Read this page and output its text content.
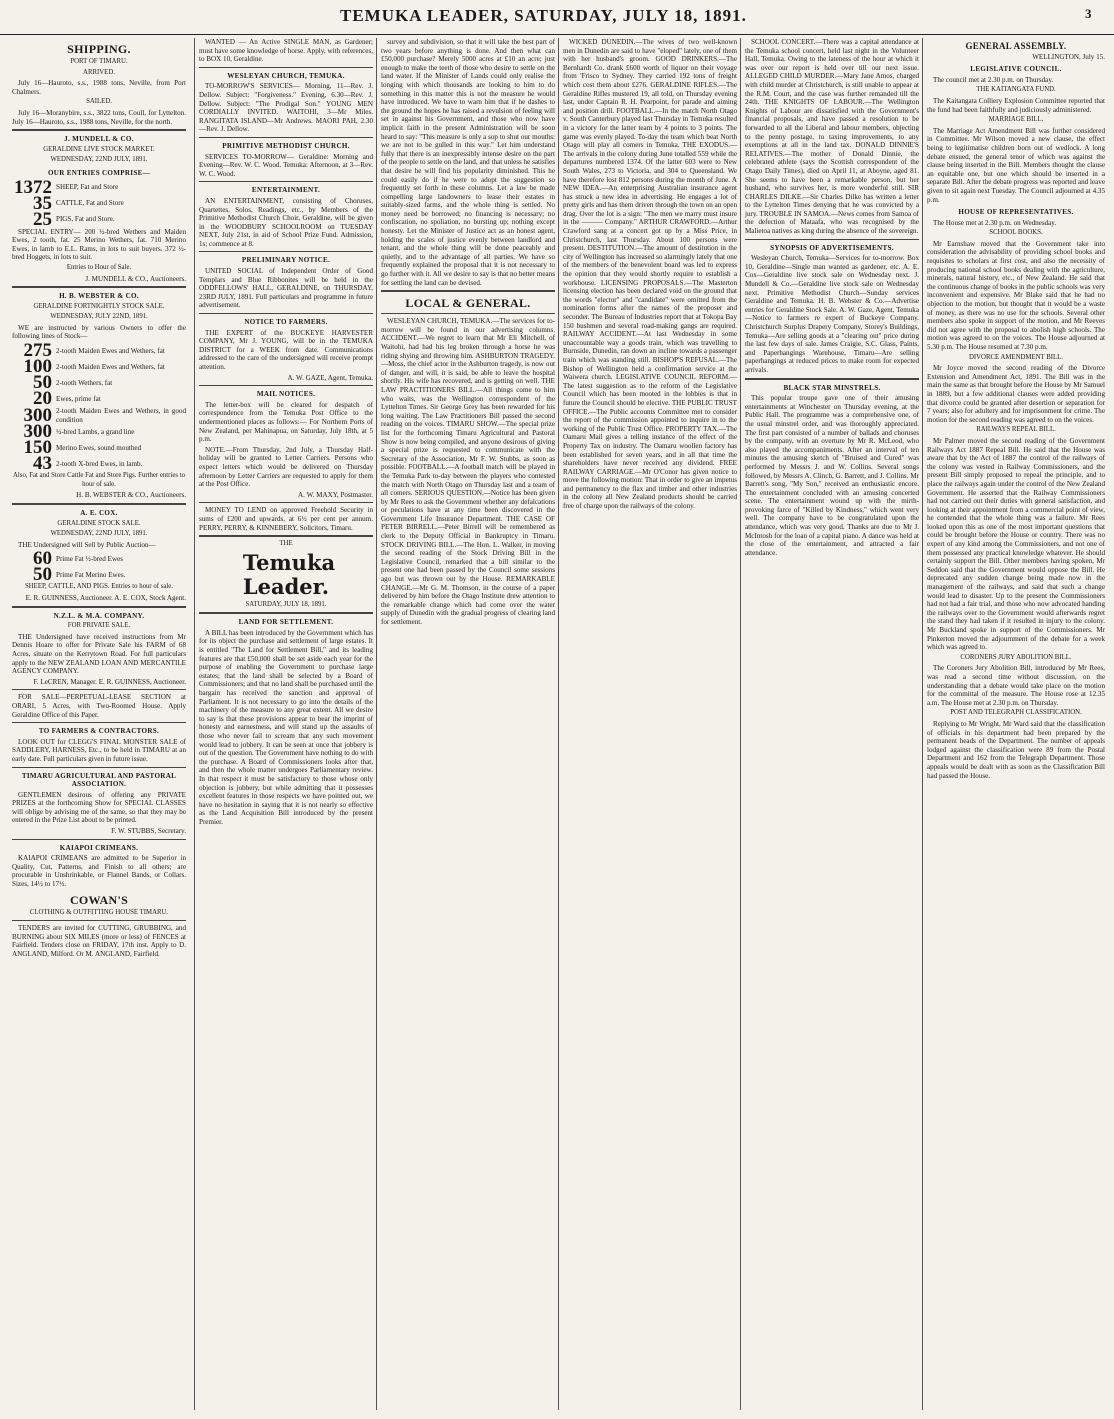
TEMUKA LEADER, SATURDAY, JULY 18, 1891.	3

SHIPPING.

PORT OF TIMARU.

ARRIVED.

July 16—Hauroto, s.s., 1988 tons, Neville, from Port Chalmers.

SAILED.

July 16—Moranybire, s.s., 3822 tons, Coull, for Lyttelton. July 16—Hauroto, s.s., 1988 tons, Neville, for the north.

J. MUNDELL & CO.

GERALDINE LIVE STOCK MARKET.

WEDNESDAY, 22ND JULY, 1891.

OUR ENTRIES COMPRISE—

1372 SHEEP, Fat and Store
35 CATTLE, Fat and Store
25 PIGS, Fat and Store.

SPECIAL ENTRY— 200 ½-bred Wethers and Maiden Ewes, 2 tooth, fat. 25 Merino Wethers, fat. 710 Merino Ewes, in lamb to E.L. Rams, in lots to suit buyers. 372 ½-bred Hoggets, in lots to suit.

Entries to Hour of Sale.

J. MUNDELL & CO., Auctioneers.

H. B. WEBSTER & CO.

GERALDINE FORTNIGHTLY STOCK SALE.

WEDNESDAY, JULY 22ND, 1891.

WE are instructed by various Owners to offer the following lines of Stock—

275 2-tooth Maiden Ewes and Wethers, fat
100 2-tooth Maiden Ewes and Wethers, fat
50 2-tooth Wethers, fat
20 Ewes, prime fat
300 2-tooth Maiden Ewes and Wethers, in good condition
300 ½-bred Lambs, a grand line
150 Merino Ewes, sound mouthed
43 2-tooth X-bred Ewes, in lamb.

Also, Fat and Store Cattle Fat and Store Pigs. Further entries to hour of sale.

H. B. WEBSTER & CO., Auctioneers.

A. E. COX.

GERALDINE STOCK SALE.

WEDNESDAY, 22ND JULY, 1891.

THE Undersigned will Sell by Public Auction—

60 Prime Fat ½-bred Ewes
50 Prime Fat Merino Ewes.

SHEEP, CATTLE, AND PIGS. Entries to hour of sale.

E. R. GUINNESS, Auctioneer. A. E. COX, Stock Agent.

N.Z.L. & M.A. COMPANY.

FOR PRIVATE SALE.

THE Undersigned have received instructions from Mr Dennis Hoare to offer for Private Sale his FARM of 68 Acres, situate on the Kerrytown Road. For full particulars apply to the NEW ZEALAND LOAN AND MERCANTILE AGENCY COMPANY.

F. LeCREN, Manager. E. R. GUINNESS, Auctioneer.

FOR SALE—PERPETUAL-LEASE SECTION at ORARI, 5 Acres, with Two-Roomed House. Apply Geraldine Office of this Paper.

TO FARMERS & CONTRACTORS.

LOOK OUT for CLEGG'S FINAL MONSTER SALE of SADDLERY, HARNESS, Etc., to be held in TIMARU at an early date. Full particulars given in future issue.

TIMARU AGRICULTURAL AND PASTORAL ASSOCIATION.

GENTLEMEN desirous of offering any PRIVATE PRIZES at the forthcoming Show for SPECIAL CLASSES will oblige by advising me of the same, so that they may be entered in the Prize List about to be printed.

F. W. STUBBS, Secretary.

KAIAPOI CRIMEANS.

KAIAPOI CRIMEANS are admitted to be Superior in Quality, Cut, Patterns, and Finish to all others; are procurable in Unshrinkable, or Flannel Bands, or Collars. Sizes, 14½ to 17½.

COWAN'S

CLOTHING & OUTFITTING HOUSE TIMARU.

TENDERS are invited for CUTTING, GRUBBING, and BURNING about SIX MILES (more or less) of FENCES at Fairfield. Tenders close on FRIDAY, 17th inst. Apply to D. ANGLAND, Milford. Or M. ANGLAND, Fairfield.

WANTED — An Active SINGLE MAN, as Gardener; must have some knowledge of horse. Apply, with references, to BOX 10, Geraldine.

WESLEYAN CHURCH, TEMUKA.

TO-MORROW'S SERVICES— Morning, 11—Rev. J. Dellow. Subject: "Forgiveness." Evening, 6.30—Rev. J. Dellow. Subject: "The Prodigal Son." YOUNG MEN CORDIALLY INVITED. WAITOHI, 3—Mr Miles. RANGITATA ISLAND—Mr Andrews. MAORI PAH, 2.30—Rev. J. Dellow.

PRIMITIVE METHODIST CHURCH.

SERVICES TO-MORROW— Geraldine: Morning and Evening—Rev. W. C. Wood. Temuka: Afternoon, at 3—Rev. W. C. Wood.

ENTERTAINMENT.

AN ENTERTAINMENT, consisting of Choruses, Quartettes, Solos, Readings, etc., by Members of the Primitive Methodist Church Choir, Geraldine, will be given in the WOODBURY SCHOOLROOM on TUESDAY NEXT, July 21st, in aid of School Prize Fund. Admission, 1s; commence at 8.

PRELIMINARY NOTICE.

UNITED SOCIAL of Independent Order of Good Templars and Blue Ribbonites will be held in the ODDFELLOWS' HALL, GERALDINE, on THURSDAY, 23RD JULY, 1891. Full particulars and programme in future advertisement.

NOTICE TO FARMERS.

THE EXPERT of the BUCKEYE HARVESTER COMPANY, Mr J. YOUNG, will be in the TEMUKA DISTRICT for a WEEK from date. Communications addressed to the care of the undersigned will receive prompt attention.

A. W. GAZE, Agent, Temuka.

MAIL NOTICES.

The letter-box will be cleared for despatch of correspondence from the Temuka Post Office to the undermentioned places as follows:— For Northern Ports of New Zealand, per Mahinapua, on Saturday, July 18th, at 5 p.m.

NOTE.—From Thursday, 2nd July, a Thursday Half-holiday will be granted to Letter Carriers. Persons who expect letters which would be delivered on Thursday afternoon by Letter Carriers are requested to apply for them at the Post Office.

A. W. MAXY, Postmaster.

MONEY TO LEND on approved Freehold Security in sums of £200 and upwards, at 6½ per cent per annum. PERRY, PERRY, & KINNEBERY, Solicitors, Timaru.

THE

Temuka Leader.

SATURDAY, JULY 18, 1891.

LAND FOR SETTLEMENT.

A BILL has been introduced by the Government which has for its object the purchase and settlement of large estates. It is entitled "The Land for Settlement Bill," and its leading features are that £50,000 shall be set aside each year for the purpose of enabling the Government to purchase large estates; that the land shall be selected by a Board of Commissioners; and that no land shall be purchased until the bargain has received the sanction and approval of Parliament. It is not necessary to go into the details of the machinery of the measure to any great extent. All we desire to say is that these provisions appear to bear the imprint of honesty and earnestness, and will stand up the assaults of those who never fail to scream that any such movement would lead to jobbery. It can be seen at once that jobbery is out of the question. The Government have nothing to do with the purchase. A Board of Commissioners looks after that, and then the whole matter undergoes Parliamentary review. In that respect it must be satisfactory to those whose only objection is jobbery, but while admitting that it possesses excellent features in those respects we have pointed out, we have no hesitation in saying that it is not nearly so effective as the Land Acquisition Bill introduced by the present Premier.

survey and subdivision, so that it will take the best part of two years before anything is done. And then what can £50,000 purchase? Merely 5000 acres at £10 an acre; just enough to make the teeth of those who desire to settle on the land water. If the Minister of Lands could only realise the longing with which thousands are looking to him to do something in this matter this is not the measure he would have introduced. We have to warn him that if he dashes to the ground the hopes he has raised a revulsion of feeling will set in against his Government, and those who now have implicit faith in the present Administration will be soon heard to say: "This measure is only a sop to shut our mouths: we are not to be gulled in this way." Let him understand fully that there is an inexpressibly intense desire on the part of the people to settle on the land, and that unless he satisfies that desire he will find his popularity diminished. This he could easily do if he were to adopt the suggestion so frequently set forth in these columns. Let a law be made compelling large landowners to lease their estates in suitably-sized farms, and the whole thing is settled. No money need be borrowed; no financing is necessary; no confiscation, no spoliation, no bursting up; nothing except honesty. Let the Minister of Justice act as an honest agent, holding the scales of justice evenly between landlord and tenant, and the whole thing will be done peaceably and quietly, and to the advantage of all parties. We have so frequently explained the proposal that it is not necessary to go further with it. All we desire to say is that no better means for settling the land can be devised.

LOCAL & GENERAL.

WESLEYAN CHURCH, TEMUKA.—The services for to-morrow will be found in our advertising columns. ACCIDENT.—We regret to learn that Mr Eli Mitchell, of Waitohi, had had his leg broken through a horse he was riding shying and throwing him. ASHBURTON TRAGEDY.—Moss, the chief actor in the Ashburton tragedy, is now out of danger, and will, it is said, be able to leave the hospital shortly. His wife has recovered, and is getting on well. THE LAW PRACTITIONERS BILL.—All things come to him who waits, was the Wellington correspondent of the Lyttelton Times. Sir George Grey has been rewarded for his long waiting. The Law Practitioners Bill passed the second reading on the voices. TIMARU SHOW.—The special prize list for the forthcoming Timaru Agricultural and Pastoral Show is now being compiled, and anyone desirous of giving a special prize is requested to communicate with the Secretary of the Association, Mr F. W. Stubbs, as soon as possible. FOOTBALL.—A football match will be played in the Temuka Park to-day between the players who contested the match with North Otago on Thursday last and a team of all comers. SERIOUS QUESTION.—Notice has been given by Mr Rees to ask the Government whether any defalcations or peculations have at any time been discovered in the Government Life Insurance Department. THE CASE OF PETER BIRRELL.—Peter Birrell will be remembered as clerk to the Deputy Official in Bankruptcy in Timaru. STOCK DRIVING BILL.—The Hon. L. Walker, in moving the second reading of the Stock Driving Bill in the Legislative Council, remarked that a bill similar to the present one had been passed by the Council some sessions ago but was thrown out by the House. REMARKABLE CHANGE.—Mr G. M. Thomson, in the course of a paper delivered by him before the Otago Institute drew attention to the remarkable change which had come over the water supply of Dunedin with the gradual progress of clearing land for settlement.

WICKED DUNEDIN.—The wives of two well-known men in Dunedin are said to have "eloped" lately, one of them with her husband's groom. GOOD DRINKERS.—The Bernhardt Co. drank £600 worth of liquor on their voyage from 'Frisco to Sydney. They carried 192 tons of freight which cost them about £276. GERALDINE RIFLES.—The Geraldine Rifles mustered 19, all told, on Thursday evening last, under Captain R. H. Pearpoint, for parade and aiming and position drill. FOOTBALL.—In the match North Otago v. South Canterbury played last Thursday in Temuka resulted in a victory for the latter team by 4 points to 3 points. The game was evenly played. To-day the team which beat North Otago will play all comers in Temuka. THE EXODUS.—The arrivals in the colony during June totalled 559 while the departures numbered 1374. Of the latter 603 were to New South Wales, 273 to Victoria, and 304 to Queensland. We have therefore lost 812 persons during the month of June. A NEW IDEA.—An enterprising Australian insurance agent has struck a new idea in advertising. He engages a lot of pretty girls and has them driven through the town on an open drag. Over the lot is a sign: "The men we marry must insure in the ——— Company." ARTHUR CRAWFORD.—Arthur Crawford sang at a concert got up by a Miss Price, in Christchurch, last Thursday. About 100 persons were present. DESTITUTION.—The amount of destitution in the city of Wellington has increased so alarmingly lately that one of the members of the benevolent board was led to express the opinion that they would shortly require to establish a workhouse. LICENSING PROPOSALS.—The Masterton licensing election has been declared void on the ground that the words "elector" and "candidate" were omitted from the nomination forms after the names of the proposer and seconder. The Bureau of Industries report that at Tokopa Bay 150 bushmen and several road-making gangs are required. RAILWAY ACCIDENT.—At last Wednesday in some unaccountable way a goods train, which was travelling to Burnside, Dunedin, ran down an incline towards a passenger train which was standing still. BISHOP'S REFUSAL.—The Bishop of Wellington held a confirmation service at the Waiwera church. LEGISLATIVE COUNCIL REFORM.—The latest suggestion as to the reform of the Legislative Council which has been mooted in the lobbies is that in future the Council should be elective. THE PUBLIC TRUST OFFICE.—The Public accounts Committee met to consider the report of the commission appointed to inquire in to the working of the Public Trust Office. PROPERTY TAX.—The Oamaru Mail gives a telling instance of the effect of the Property Tax on industry. The Oamaru woollen factory has been established for seven years, and in all that time the shareholders have never received any dividend. FREE RAILWAY CARRIAGE.—Mr O'Conor has given notice to move the following motion: That in order to give an impetus and permanency to the flax and timber and other industries in the colony all New Zealand products should be carried free of charge upon the railways of the colony.

SCHOOL CONCERT.—There was a capital attendance at the Temuka school concert, held last night in the Volunteer Hall, Temuka. Owing to the lateness of the hour at which it was over our report is held over till our next issue. ALLEGED CHILD MURDER.—Mary Jane Amos, charged with child murder at Christchurch, is still unable to appear at the R.M. Court, and the case was further remanded till the 24th. THE KNIGHTS OF LABOUR.—The Wellington Knights of Labour are dissatisfied with the Government's financial proposals, and have passed a resolution to be forwarded to all the Liberal and labour members, objecting to the penny postage, to taxing improvements, to any exemptions at all in the land tax. DONALD DINNIE'S RELATIVES.—The mother of Donald Dinnie, the celebrated athlete (says the Scottish correspondent of the Otago Daily Times), died on April 11, at Aboyne, aged 81. She seems to have been a remarkable person, but her husband, who survives her, is more wonderful still. SIR CHARLES DILKE.—Sir Charles Dilke has written a letter to the Lyttelton Times denying that he was convicted by a jury. TROUBLE IN SAMOA.—News comes from Samoa of the defection of Mataafa, who was recognised by the Malietoa natives as king during the absence of the sovereign.

SYNOPSIS OF ADVERTISEMENTS.

Wesleyan Church, Temuka—Services for to-morrow. Box 10, Geraldine—Single man wanted as gardener, etc. A. E. Cox—Geraldine live stock sale on Wednesday next. J. Mundell & Co.—Geraldine live stock sale on Wednesday next. Primitive Methodist Church—Sunday services Geraldine and Temuka. H. B. Webster & Co.—Advertise entries for Geraldine Stock Sale. A. W. Gaze, Agent, Temuka—Notice to farmers re expert of Buckeye Company. Christchurch Surplus Drapery Company, Storey's Buildings, Temuka—Are selling goods at a "clearing out" price during the last few days of sale. James Craigie, S.C. Glass, Paints, and Paperhangings Warehouse, Timaru—Are selling paperhangings at reduced prices to make room for expected arrivals.

BLACK STAR MINSTRELS.

This popular troupe gave one of their amusing entertainments at Winchester on Thursday evening, at the Public Hall. The programme was a comprehensive one, of the usual minstrel order, and was thoroughly appreciated. The first part consisted of a number of ballads and choruses by the company, with an overture by Mr R. McLeod, who also played the accompaniments. After an interval of ten minutes the amusing sketch of "Bruised and Cured" was performed by Messrs J. and W. Collins. Several songs followed, by Messrs A. Clinch, G. Barrett, and J. Collins. Mr Barrett's song, "My Son," received an enthusiastic encore. The entertainment concluded with an amusing concerted scene. The entertainment wound up with the mirth-provoking farce of "Killed by Kindness," which went very well. The company have to be congratulated upon the attendance, which was very good. Thanks are due to Mr J. McIntosh for the loan of a capital piano. A dance was held at the close of the entertainment, and attracted a fair attendance.

GENERAL ASSEMBLY.

WELLINGTON, July 15.

LEGISLATIVE COUNCIL.

The council met at 2.30 p.m. on Thursday.

THE KAITANGATA FUND.

The Kaitangata Colliery Explosion Committee reported that the fund had been faithfully and judiciously administered.

MARRIAGE BILL.

The Marriage Act Amendment Bill was further considered in Committee. Mr Wilson moved a new clause, the effect being to legitimatise children born out of wedlock. A long debate ensued, the general tenor of which was against the clause being inserted in the Bill. Members thought the clause an equitable one, but one which should be inserted in a separate Bill. After the debate progress was reported and leave given to sit again next Tuesday. The Council adjourned at 4.35 p.m.

HOUSE OF REPRESENTATIVES.

The House met at 2.30 p.m. on Wednesday.

SCHOOL BOOKS.

Mr Earnshaw moved that the Government take into consideration the advisability of providing school books and requisites to scholars at first cost, and also the necessity of producing national school books dealing with the agriculture, minerals, natural history, etc., of New Zealand. He said that the continuous change of books in the public schools was very inconvenient and expensive. Mr Blake said that he had no objection to the motion, but thought that it would be a waste of money, as there was no use for the schools. Several other members also spoke in support of the motion, and Mr Reeves did not agree with the proposal to abolish high schools. The motion was agreed to on the voices. The House adjourned at 5.30 p.m. The House resumed at 7.30 p.m.

DIVORCE AMENDMENT BILL.

Mr Joyce moved the second reading of the Divorce Extension and Amendment Act, 1891. The Bill was in the main the same as that brought before the House by Mr Samuel in 1889, but a few additional clauses were added providing that divorce could be granted after desertion or separation for 7 years; also for adultery and for imprisonment for crime. The motion for the second reading was agreed to on the voices.

RAILWAYS REPEAL BILL.

Mr Palmer moved the second reading of the Government Railways Act 1887 Repeal Bill. He said that the House was aware that by the Act of 1887 the control of the railways of the colony was vested in Railway Commissioners, and the present Bill simply proposed to repeal the principle, and to place the railways again under the control of the New Zealand Government. He asserted that the Railway Commissioners had not carried out their duties with general satisfaction, and looking at their appointment from a commercial point of view, he contended that the whole thing was a failure. Mr Rees looked upon this as one of the most important questions that could be brought before the House or country. There was no expert of any kind among the Commissioners, and not one of them possessed any practical knowledge whatever. He should certainly support the Bill. Other members having spoken, Mr Seddon said that the Government would oppose the Bill. He deprecated any sudden change being made now in the management of the railways, and said that such a change would lead to disaster. Up to the present the Commissioners had not had a fair trial, and those who now advocated handing the railways over to the Government would afterwards regret the stand they had taken if it resulted in injury to the colony. Mr Buckland spoke in support of the Commissioners. Mr Pinkerton moved the adjournment of the debate for a week which was agreed to.

CORONERS JURY ABOLITION BILL.

The Coroners Jury Abolition Bill, introduced by Mr Rees, was read a second time without discussion, on the understanding that a debate would take place on the motion for the committal of the measure. The House rose at 12.35 a.m. The House met at 2.30 p.m. on Thursday.

POST AND TELEGRAPH CLASSIFICATION.

Replying to Mr Wright, Mr Ward said that the classification of officials in his department had been prepared by the permanent heads of the Department. The number of appeals lodged against the classification were 89 from the Postal Department and 162 from the Telegraph Department. Those appeals would be dealt with as soon as the Classification Bill had passed the House.
